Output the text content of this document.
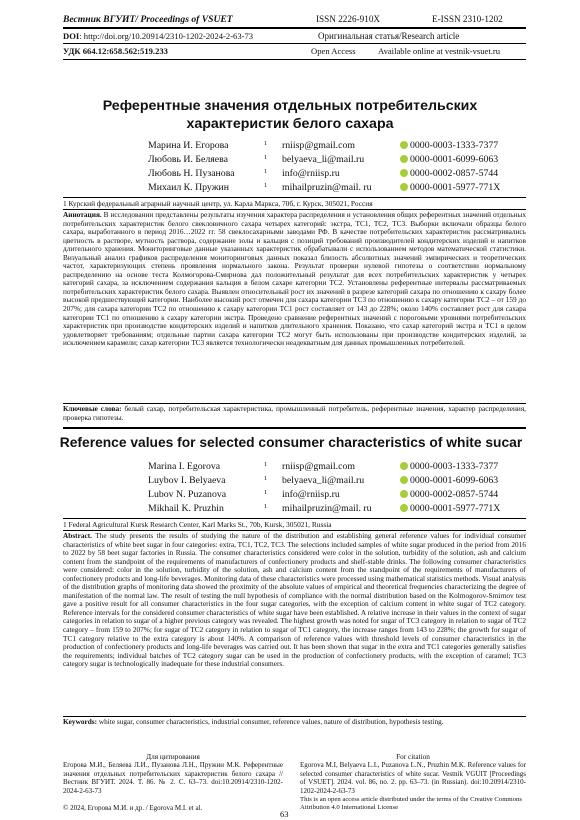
Вестник ВГУИТ/ Proceedings of VSUET	ISSN 2226-910X	E-ISSN 2310-1202
DOI: http://doi.org/10.20914/2310-1202-2024-2-63-73	Оригинальная статья/Research article
УДК 664.12:658.562:519.233	Open Access	Available online at vestnik-vsuet.ru
Референтные значения отдельных потребительских характеристик белого сахара
Марина И. Егорова	1 rniisp@gmail.com	0000-0003-1333-7377
Любовь И. Беляева	1 belyaeva_li@mail.ru	0000-0001-6099-6063
Любовь Н. Пузанова	1 info@rniisp.ru	0000-0002-0857-5744
Михаил К. Пружин	1 mihailpruzin@mail. ru	0000-0001-5977-771X
1 Курский федеральный аграрный научный центр, ул. Карла Маркса, 70б, г. Курск, 305021, Россия
Аннотация. В исследовании представлены результаты изучения характера распределения и установления общих референтных значений отдельных потребительских характеристик белого свекловичного сахара четырех категорий: экстра, ТС1, ТС2, ТС3. Выборки включали образцы белого сахара, выработанного в период 2016…2022 гг. 58 свеклосахарными заводами РФ. В качестве потребительских характеристик рассматривались цветность в растворе, мутность раствора, содержание золы и кальция с позиций требований производителей кондитерских изделий и напитков длительного хранения. Мониторинговые данные указанных характеристик обрабатывали с использованием методов математической статистики. Визуальный анализ графиков распределения мониторинговых данных показал близость абсолютных значений эмпирических и теоретических частот, характеризующих степень проявления нормального закона. Результат проверки нулевой гипотезы о соответствии нормальному распределению на основе теста Колмогорова-Смирнова дал положительный результат для всех потребительских характеристик у четырех категорий сахара, за исключением содержания кальция в белом сахаре категории ТС2. Установлены референтные интервалы рассматриваемых потребительских характеристик белого сахара. Выявлен относительный рост их значений в разрезе категорий сахара по отношению к сахару более высокой предшествующей категории. Наиболее высокий рост отмечен для сахара категории ТС3 по отношению к сахару категории ТС2 – от 159 до 207%; для сахара категории ТС2 по отношению к сахару категории ТС1 рост составляет от 143 до 228%; около 140% составляет рост для сахара категории ТС1 по отношению к сахару категории экстра. Проведено сравнение референтных значений с пороговыми уровнями потребительских характеристик при производстве кондитерских изделий и напитков длительного хранения. Показано, что сахар категорий экстра и ТС1 в целом удовлетворяет требованиям; отдельные партии сахара категории ТС2 могут быть использованы при производстве кондитерских изделий, за исключением карамели; сахар категории ТС3 является технологически неадекватным для данных промышленных потребителей.
Ключевые слова: белый сахар, потребительская характеристика, промышленный потребитель, референтные значения, характер распределения, проверка гипотезы.
Reference values for selected consumer characteristics of white sucar
Marina I. Egorova	1 rniisp@gmail.com	0000-0003-1333-7377
Luybov I. Belyaeva	1 belyaeva_li@mail.ru	0000-0001-6099-6063
Lubov N. Puzanova	1 info@rniisp.ru	0000-0002-0857-5744
Mikhail K. Pruzhin	1 mihailpruzin@mail. ru	0000-0001-5977-771X
1 Federal Agricultural Kursk Research Center, Karl Marks St., 70b, Kursk, 305021, Russia
Abstract. The study presents the results of studying the nature of the distribution and establishing general reference values for individual consumer characteristics of white beet sugar in four categories: extra, TC1, TC2, TC3. The selections included samples of white sugar produced in the period from 2016 to 2022 by 58 beet sugar factories in Russia. The consumer characteristics considered were color in the solution, turbidity of the solution, ash and calcium content from the standpoint of the requirements of manufacturers of confectionery products and shelf-stable drinks. The following consumer characteristics were considered: color in the solution, turbidity of the solution, ash and calcium content from the standpoint of the requirements of manufacturers of confectionery products and long-life beverages. Monitoring data of these characteristics were processed using mathematical statistics methods. Visual analysis of the distribution graphs of monitoring data showed the proximity of the absolute values of empirical and theoretical frequencies characterizing the degree of manifestation of the normal law. The result of testing the null hypothesis of compliance with the normal distribution based on the Kolmogorov-Smirnov test gave a positive result for all consumer characteristics in the four sugar categories, with the exception of calcium content in white sugar of TC2 category. Reference intervals for the considered consumer characteristics of white sugar have been established. A relative increase in their values in the context of sugar categories in relation to sugar of a higher previous category was revealed. The highest growth was noted for sugar of TC3 category in relation to sugar of TC2 category – from 159 to 207%; for sugar of TC2 category in relation to sugar of TC1 category, the increase ranges from 143 to 228%; the growth for sugar of TC1 category relative to the extra category is about 140%. A comparison of reference values with threshold levels of consumer characteristics in the production of confectionery products and long-life beverages was carried out. It has been shown that sugar in the extra and TC1 categories generally satisfies the requirements; individual batches of TC2 category sugar can be used in the production of confectionery products, with the exception of caramel; TC3 category sugar is technologically inadequate for these industrial consumers.
Keywords: white sugar, consumer characteristics, industrial consumer, reference values, nature of distribution, hypothesis testing.
Для цитирования
Егорова М.И., Беляева Л.И., Пузанова Л.Н., Пружин М.К. Референтные значения отдельных потребительских характеристик белого сахара // Вестник ВГУИТ. 2024. Т. 86. № 2. С. 63–73. doi:10.20914/2310-1202-2024-2-63-73
For citation
Egorova M.I, Belyaeva L.I., Puzanova L.N., Pruzhin M.K. Reference values for selected consumer characteristics of white sucar. Vestnik VGUIT [Proceedings of VSUET]. 2024. vol. 86, no. 2. pp. 63–73. (in Russian). doi:10.20914/2310-1202-2024-2-63-73
© 2024, Егорова М.И. и др. / Egorova M.I. et al.
This is an open access article distributed under the terms of the Creative Commons Attribution 4.0 International License
63
